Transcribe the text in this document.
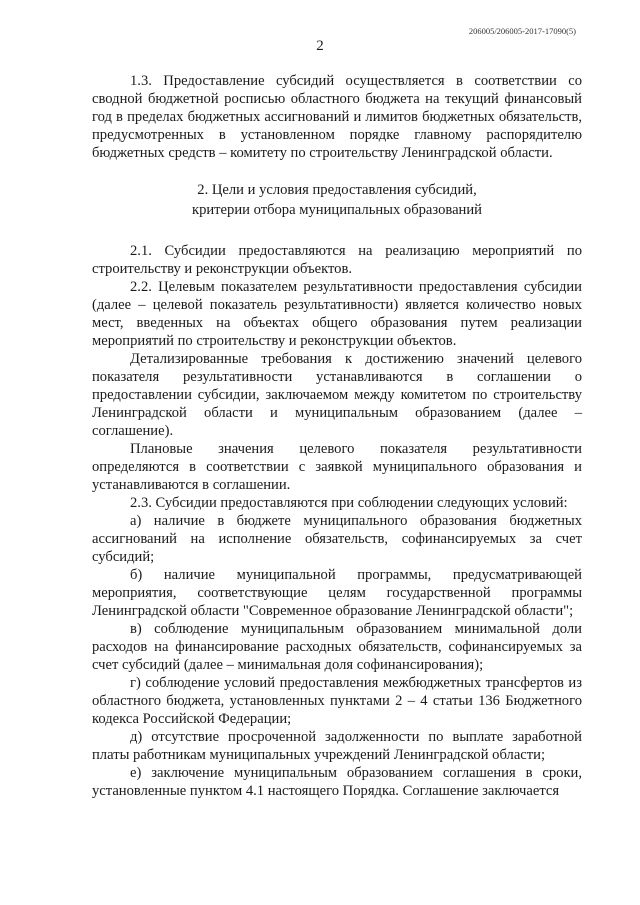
206005/206005-2017-17090(5)
2

1.3. Предоставление субсидий осуществляется в соответствии со сводной бюджетной росписью областного бюджета на текущий финансовый год в пределах бюджетных ассигнований и лимитов бюджетных обязательств, предусмотренных в установленном порядке главному распорядителю бюджетных средств – комитету по строительству Ленинградской области.

2. Цели и условия предоставления субсидий,
критерии отбора муниципальных образований

2.1. Субсидии предоставляются на реализацию мероприятий по строительству и реконструкции объектов.

2.2. Целевым показателем результативности предоставления субсидии (далее – целевой показатель результативности) является количество новых мест, введенных на объектах общего образования путем реализации мероприятий по строительству и реконструкции объектов.

Детализированные требования к достижению значений целевого показателя результативности устанавливаются в соглашении о предоставлении субсидии, заключаемом между комитетом по строительству Ленинградской области и муниципальным образованием (далее – соглашение).

Плановые значения целевого показателя результативности определяются в соответствии с заявкой муниципального образования и устанавливаются в соглашении.

2.3. Субсидии предоставляются при соблюдении следующих условий:

а) наличие в бюджете муниципального образования бюджетных ассигнований на исполнение обязательств, софинансируемых за счет субсидий;

б) наличие муниципальной программы, предусматривающей мероприятия, соответствующие целям государственной программы Ленинградской области "Современное образование Ленинградской области";

в) соблюдение муниципальным образованием минимальной доли расходов на финансирование расходных обязательств, софинансируемых за счет субсидий (далее – минимальная доля софинансирования);

г) соблюдение условий предоставления межбюджетных трансфертов из областного бюджета, установленных пунктами 2 – 4 статьи 136 Бюджетного кодекса Российской Федерации;

д) отсутствие просроченной задолженности по выплате заработной платы работникам муниципальных учреждений Ленинградской области;

е) заключение муниципальным образованием соглашения в сроки, установленные пунктом 4.1 настоящего Порядка. Соглашение заключается
